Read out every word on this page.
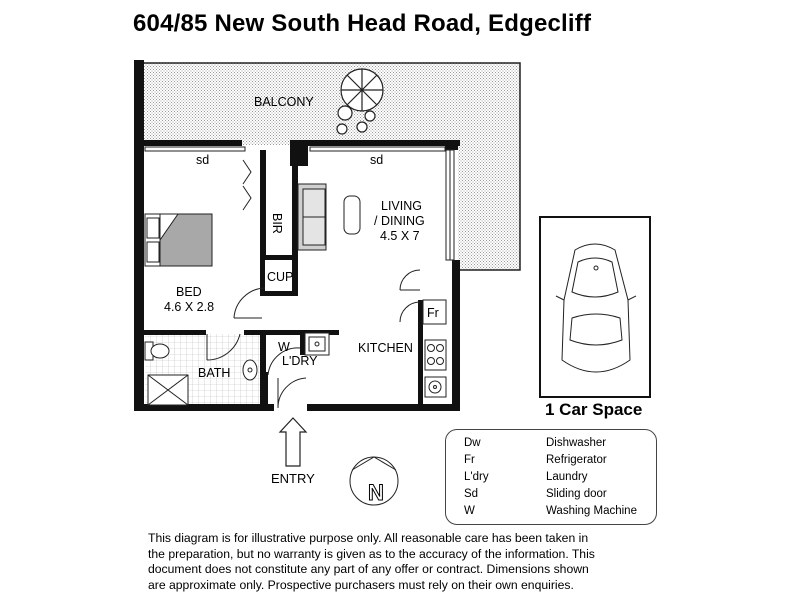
604/85 New South Head Road, Edgecliff
N
BALCONY
sd	sd
BIR
LIVING
/ DINING
4.5 X 7
CUP
BED
4.6 X 2.8	Fr
W
L'DRY
KITCHEN
BATH
ENTRY
1 Car Space
Dw	Dishwasher
Fr	Refrigerator
L'dry	Laundry
Sd	Sliding door
W	Washing Machine
This diagram is for illustrative purpose only. All reasonable care has been taken in
the preparation, but no warranty is given as to the accuracy of the information. This
document does not constitute any part of any offer or contract. Dimensions shown
are approximate only. Prospective purchasers must rely on their own enquiries.
